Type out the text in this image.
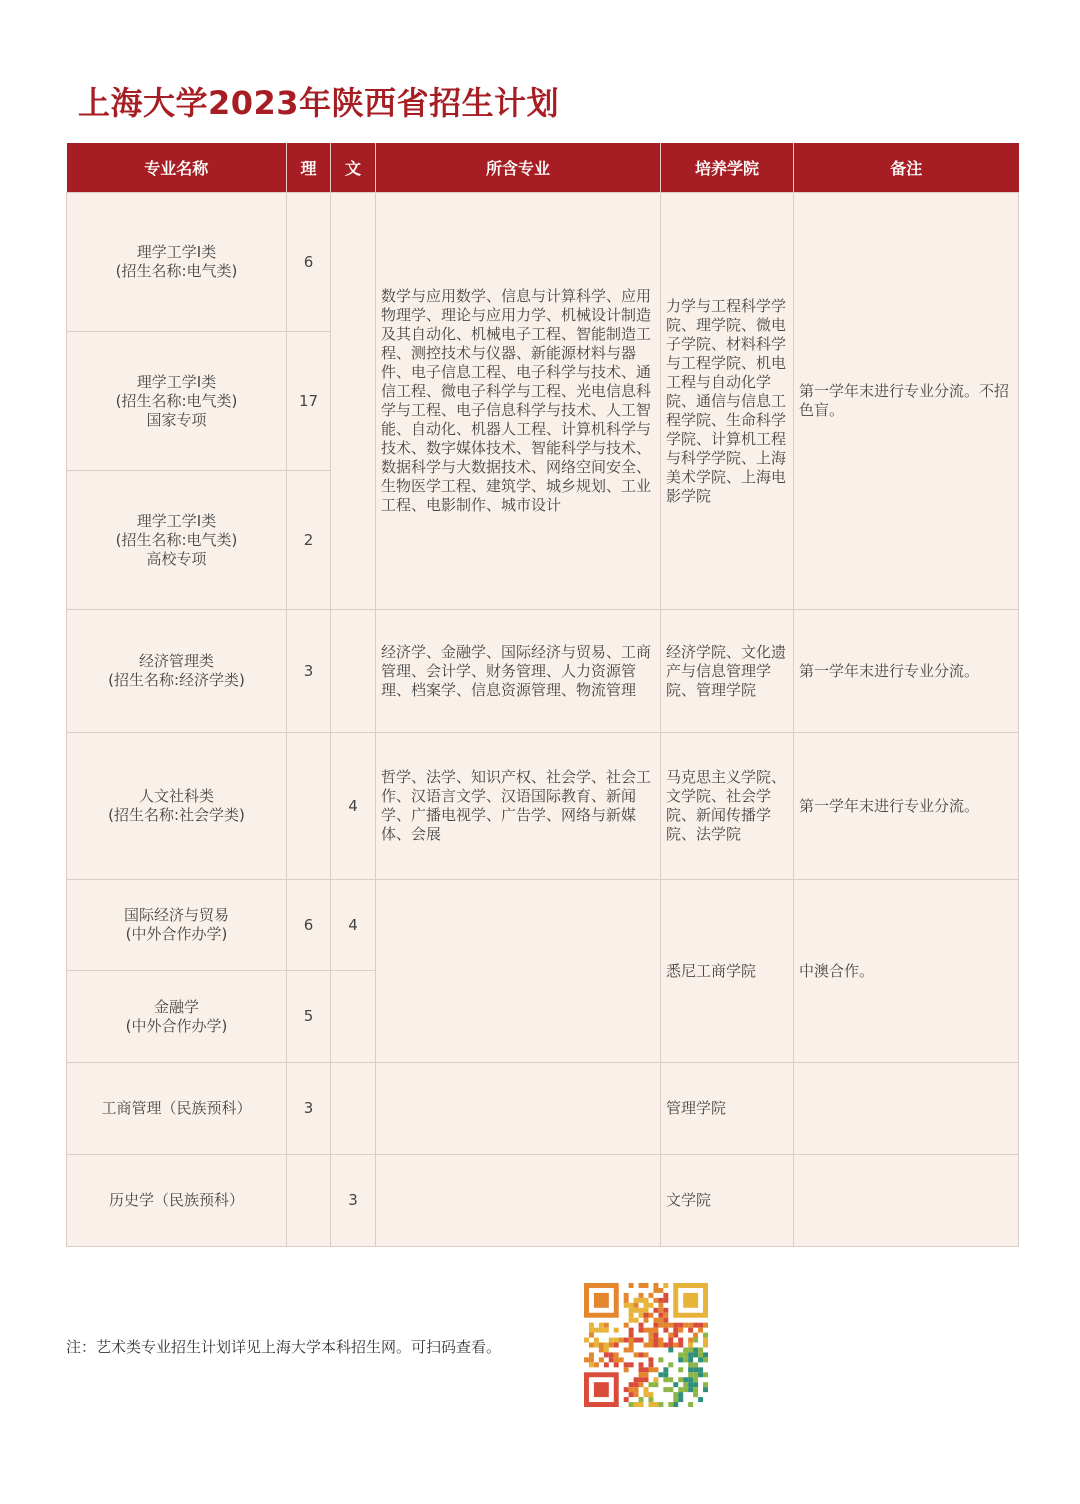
上海大学2023年陕西省招生计划
专业名称	理	文	所含专业	培养学院	备注

理学工学I类
(招生名称:电气类)	6		数学与应用数学、信息与计算科学、应用物理学、理论与应用力学、机械设计制造及其自动化、机械电子工程、智能制造工程、测控技术与仪器、新能源材料与器件、电子信息工程、电子科学与技术、通信工程、微电子科学与工程、光电信息科学与工程、电子信息科学与技术、人工智能、自动化、机器人工程、计算机科学与技术、数字媒体技术、智能科学与技术、数据科学与大数据技术、网络空间安全、生物医学工程、建筑学、城乡规划、工业工程、电影制作、城市设计	力学与工程科学学院、理学院、微电子学院、材料科学与工程学院、机电工程与自动化学院、通信与信息工程学院、生命科学学院、计算机工程与科学学院、上海美术学院、上海电影学院	第一学年末进行专业分流。不招色盲。

理学工学I类
(招生名称:电气类)
国家专项	17				

理学工学I类
(招生名称:电气类)
高校专项	2				

经济管理类
(招生名称:经济学类)	3		经济学、金融学、国际经济与贸易、工商管理、会计学、财务管理、人力资源管理、档案学、信息资源管理、物流管理	经济学院、文化遗产与信息管理学院、管理学院	第一学年末进行专业分流。

人文社科类
(招生名称:社会学类)		4	哲学、法学、知识产权、社会学、社会工作、汉语言文学、汉语国际教育、新闻学、广播电视学、广告学、网络与新媒体、会展	马克思主义学院、文学院、社会学院、新闻传播学院、法学院	第一学年末进行专业分流。

国际经济与贸易
(中外合作办学)	6	4		悉尼工商学院	中澳合作。

金融学
(中外合作办学)	5				

工商管理（民族预科）	3			管理学院	

历史学（民族预科）		3		文学院	

注：艺术类专业招生计划详见上海大学本科招生网。可扫码查看。
